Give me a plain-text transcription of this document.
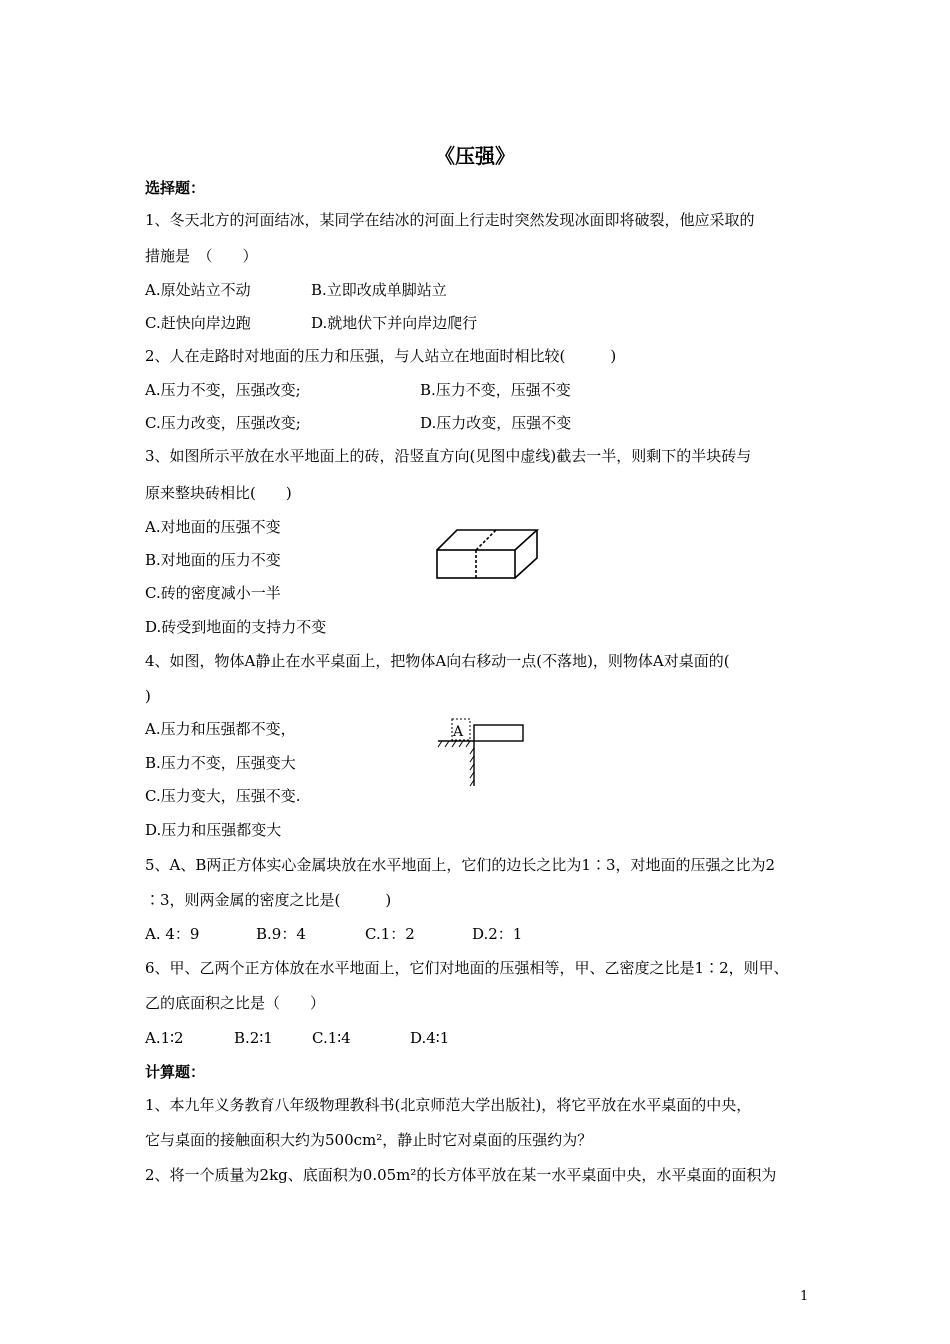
《压强》
选择题：
1、冬天北方的河面结冰，某同学在结冰的河面上行走时突然发现冰面即将破裂，他应采取的
措施是　（　　）
A.原处站立不动	B.立即改成单脚站立
C.赶快向岸边跑	D.就地伏下并向岸边爬行
2、人在走路时对地面的压力和压强，与人站立在地面时相比较(　　　)
A.压力不变，压强改变;	B.压力不变，压强不变
C.压力改变，压强改变;	D.压力改变，压强不变
3、如图所示平放在水平地面上的砖，沿竖直方向(见图中虚线)截去一半，则剩下的半块砖与
原来整块砖相比(　　)
A.对地面的压强不变
B.对地面的压力不变
C.砖的密度减小一半
D.砖受到地面的支持力不变
4、如图，物体A静止在水平桌面上，把物体A向右移动一点(不落地)，则物体A对桌面的(
)
A.压力和压强都不变，
B.压力不变，压强变大
C.压力变大，压强不变.
D.压力和压强都变大
A
5、A、B两正方体实心金属块放在水平地面上，它们的边长之比为1∶3，对地面的压强之比为2
∶3，则两金属的密度之比是(　　　)
A. 4：9	B.9：4	C.1：2	D.2：1
6、甲、乙两个正方体放在水平地面上，它们对地面的压强相等，甲、乙密度之比是1∶2，则甲、
乙的底面积之比是（　　）
A.1∶2	B.2∶1	C.1∶4	D.4∶1
计算题：
1、本九年义务教育八年级物理教科书(北京师范大学出版社)，将它平放在水平桌面的中央，
它与桌面的接触面积大约为500cm²，静止时它对桌面的压强约为？
2、将一个质量为2kg、底面积为0.05m²的长方体平放在某一水平桌面中央，水平桌面的面积为
1
